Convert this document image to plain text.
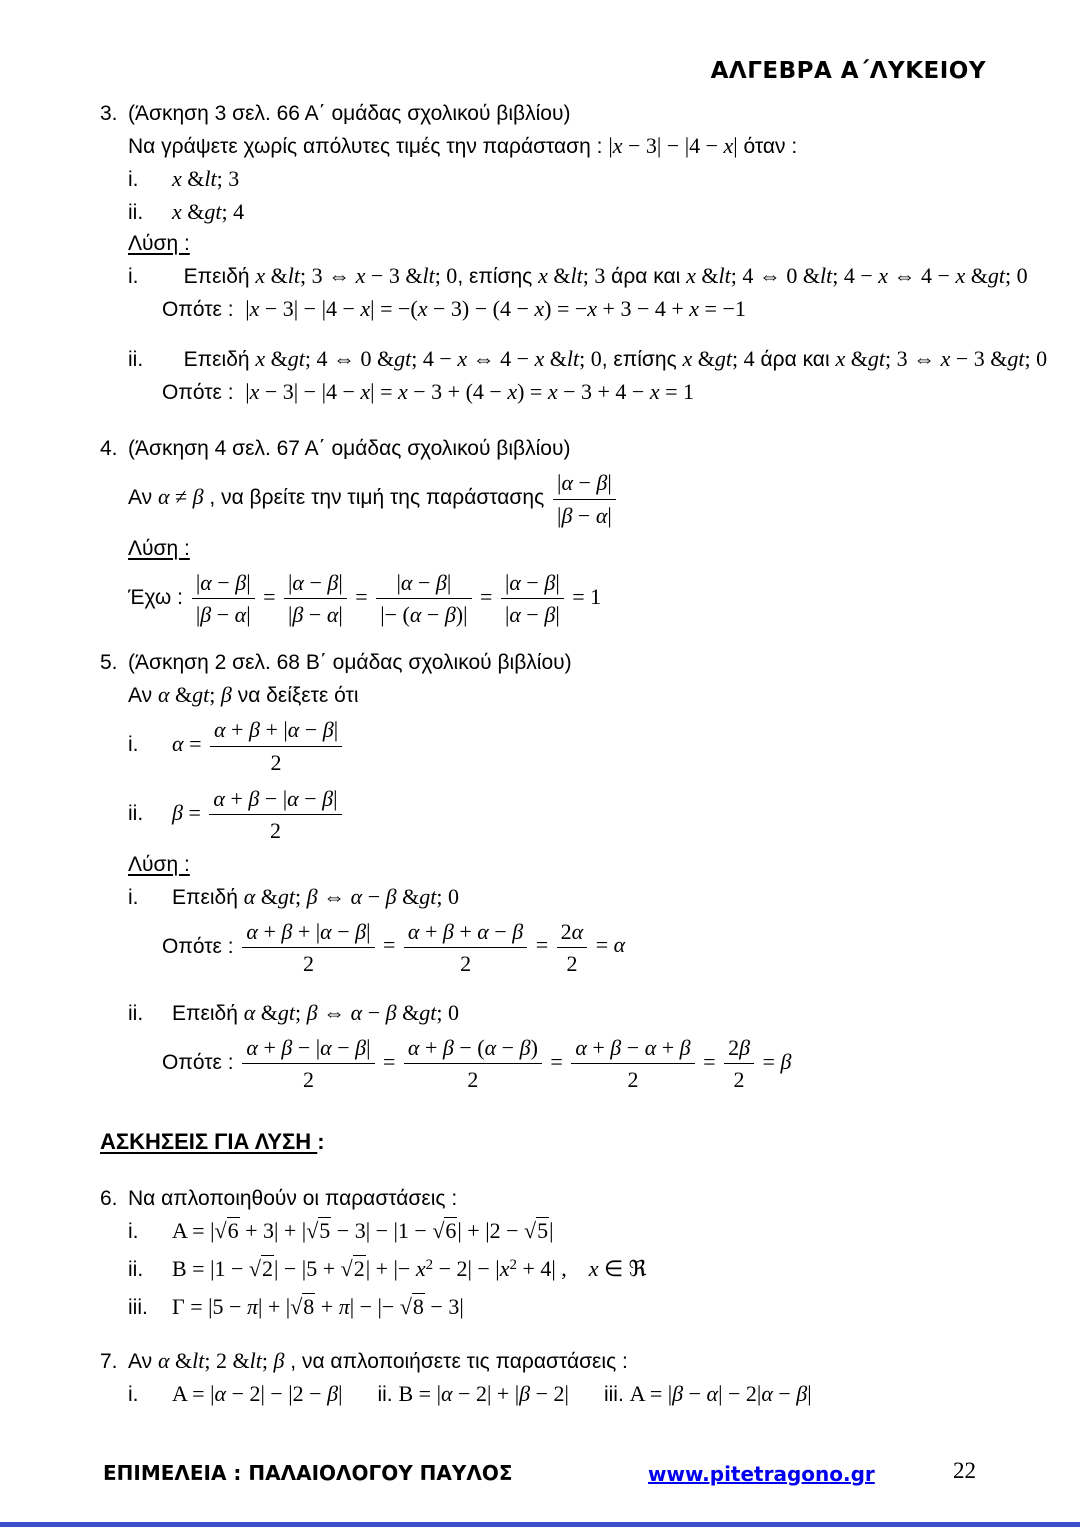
ΑΛΓΕΒΡΑ Α΄ΛΥΚΕΙΟΥ
3. (Άσκηση 3 σελ. 66 Α΄ ομάδας σχολικού βιβλίου)
Να γράψετε χωρίς απόλυτες τιμές την παράσταση : |x − 3| − |4 − x| όταν :
i. x &lt; 3
ii. x &gt; 4
Λύση :
i.  Επειδή x &lt; 3 ⇔ x − 3 &lt; 0, επίσης x &lt; 3 άρα και x &lt; 4 ⇔ 0 &lt; 4 − x ⇔ 4 − x &gt; 0
Οπότε :  |x − 3| − |4 − x| = −(x − 3) − (4 − x) = −x + 3 − 4 + x = −1
ii.  Επειδή x &gt; 4 ⇔ 0 &gt; 4 − x ⇔ 4 − x &lt; 0, επίσης x &gt; 4 άρα και x &gt; 3 ⇔ x − 3 &gt; 0
Οπότε :  |x − 3| − |4 − x| = x − 3 + (4 − x) = x − 3 + 4 − x = 1
4. (Άσκηση 4 σελ. 67 Α΄ ομάδας σχολικού βιβλίου)
Αν α ≠ β , να βρείτε την τιμή της παράστασης $\frac{|\alpha - \beta|}{|\beta - \alpha|}$
Λύση :
Έχω : $\frac{|\alpha - \beta|}{|\beta - \alpha|} = \frac{|\alpha - \beta|}{|\beta - \alpha|} = \frac{|\alpha - \beta|}{|- (\alpha - \beta)|} = \frac{|\alpha - \beta|}{|\alpha - \beta|} = 1$
5. (Άσκηση 2 σελ. 68 Β΄ ομάδας σχολικού βιβλίου)
Αν α &gt; β να δείξετε ότι
i. $\alpha = \frac{\alpha + \beta + |\alpha - \beta|}{2}$
ii. $\beta = \frac{\alpha + \beta - |\alpha - \beta|}{2}$
Λύση :
i. Επειδή α &gt; β ⇔ α − β &gt; 0
Οπότε : $\frac{\alpha + \beta + |\alpha - \beta|}{2} = \frac{\alpha + \beta + \alpha - \beta}{2} = \frac{2\alpha}{2} = \alpha$
ii. Επειδή α &gt; β ⇔ α − β &gt; 0
Οπότε : $\frac{\alpha + \beta - |\alpha - \beta|}{2} = \frac{\alpha + \beta - (\alpha - \beta)}{2} = \frac{\alpha + \beta - \alpha + \beta}{2} = \frac{2\beta}{2} = \beta$
ΑΣΚΗΣΕΙΣ ΓΙΑ ΛΥΣΗ :
6. Να απλοποιηθούν οι παραστάσεις :
i. Α = |√6 + 3| + |√5 − 3| − |1 − √6| + |2 − √5|
ii. Β = |1 − √2| − |5 + √2| + |− $x^2 - 2| - |x^2 + 4|$ ,    x ∈ ℜ
iii. Γ = |5 − π| + |√8 + π| − |− √8 − 3|
7. Αν α &lt; 2 &lt; β , να απλοποιήσετε τις παραστάσεις :
i. Α = |α − 2| − |2 − β|      ii. Β = |α − 2| + |β − 2|      iii. Α = |β − α| − 2|α − β|
ΕΠΙΜΕΛΕΙΑ : ΠΑΛΑΙΟΛΟΓΟΥ ΠΑΥΛΟΣ	www.pitetragono.gr	22
